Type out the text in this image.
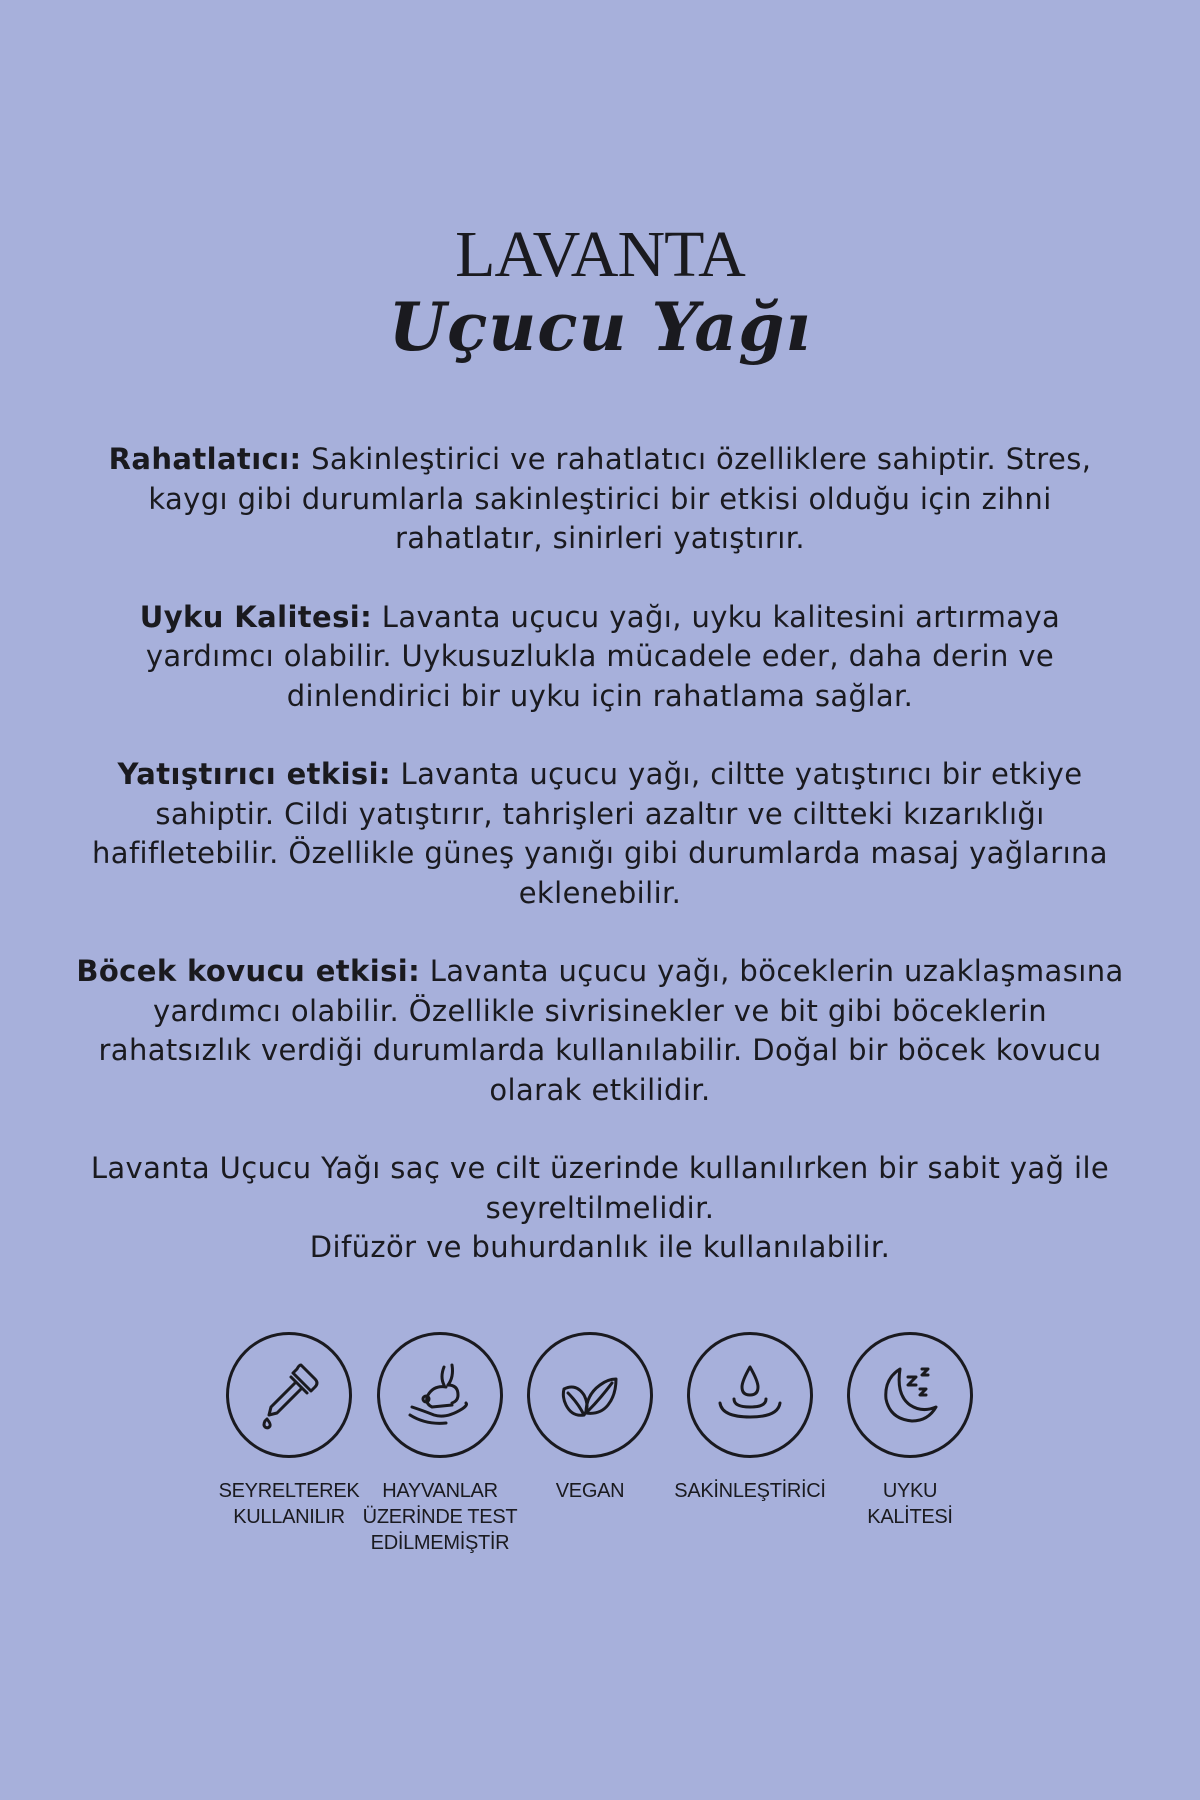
LAVANTA
Uçucu Yağı

Rahatlatıcı: Sakinleştirici ve rahatlatıcı özelliklere sahiptir. Stres, kaygı gibi durumlarla sakinleştirici bir etkisi olduğu için zihni rahatlatır, sinirleri yatıştırır.

Uyku Kalitesi: Lavanta uçucu yağı, uyku kalitesini artırmaya yardımcı olabilir. Uykusuzlukla mücadele eder, daha derin ve dinlendirici bir uyku için rahatlama sağlar.

Yatıştırıcı etkisi: Lavanta uçucu yağı, ciltte yatıştırıcı bir etkiye sahiptir. Cildi yatıştırır, tahrişleri azaltır ve ciltteki kızarıklığı hafifletebilir. Özellikle güneş yanığı gibi durumlarda masaj yağlarına eklenebilir.

Böcek kovucu etkisi: Lavanta uçucu yağı, böceklerin uzaklaşmasına yardımcı olabilir. Özellikle sivrisinekler ve bit gibi böceklerin rahatsızlık verdiği durumlarda kullanılabilir. Doğal bir böcek kovucu olarak etkilidir.

Lavanta Uçucu Yağı saç ve cilt üzerinde kullanılırken bir sabit yağ ile seyreltilmelidir.
Difüzör ve buhurdanlık ile kullanılabilir.

SEYRELTEREK
KULLANILIR
HAYVANLAR
ÜZERİNDE TEST
EDİLMEMİŞTİR
VEGAN	SAKİNLEŞTİRİCİ	UYKU
KALİTESİ
